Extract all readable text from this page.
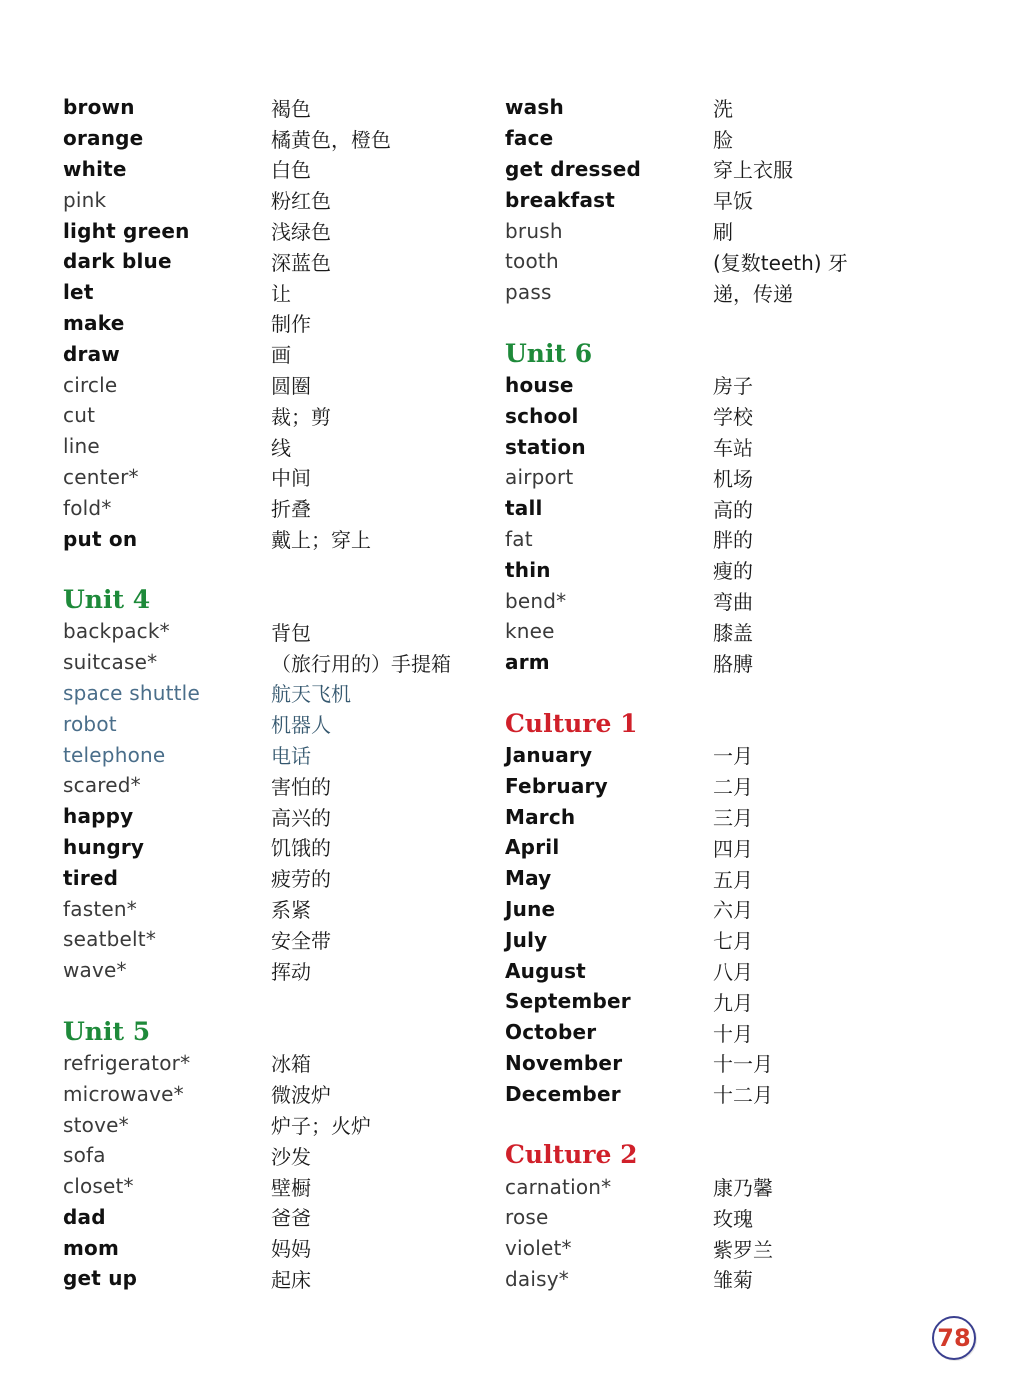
brown	褐色
orange	橘黄色，橙色
white	白色
pink	粉红色
light green	浅绿色
dark blue	深蓝色
let	让
make	制作
draw	画
circle	圆圈
cut	裁；剪
line	线
center*	中间
fold*	折叠
put on	戴上；穿上
Unit 4
backpack*	背包
suitcase*	（旅行用的）手提箱
space shuttle	航天飞机
robot	机器人
telephone	电话
scared*	害怕的
happy	高兴的
hungry	饥饿的
tired	疲劳的
fasten*	系紧
seatbelt*	安全带
wave*	挥动
Unit 5
refrigerator*	冰箱
microwave*	微波炉
stove*	炉子；火炉
sofa	沙发
closet*	壁橱
dad	爸爸
mom	妈妈
get up	起床
wash	洗
face	脸
get dressed	穿上衣服
breakfast	早饭
brush	刷
tooth	(复数teeth) 牙
pass	递，传递
Unit 6
house	房子
school	学校
station	车站
airport	机场
tall	高的
fat	胖的
thin	瘦的
bend*	弯曲
knee	膝盖
arm	胳膊
Culture 1
January	一月
February	二月
March	三月
April	四月
May	五月
June	六月
July	七月
August	八月
September	九月
October	十月
November	十一月
December	十二月
Culture 2
carnation*	康乃馨
rose	玫瑰
violet*	紫罗兰
daisy*	雏菊
78
